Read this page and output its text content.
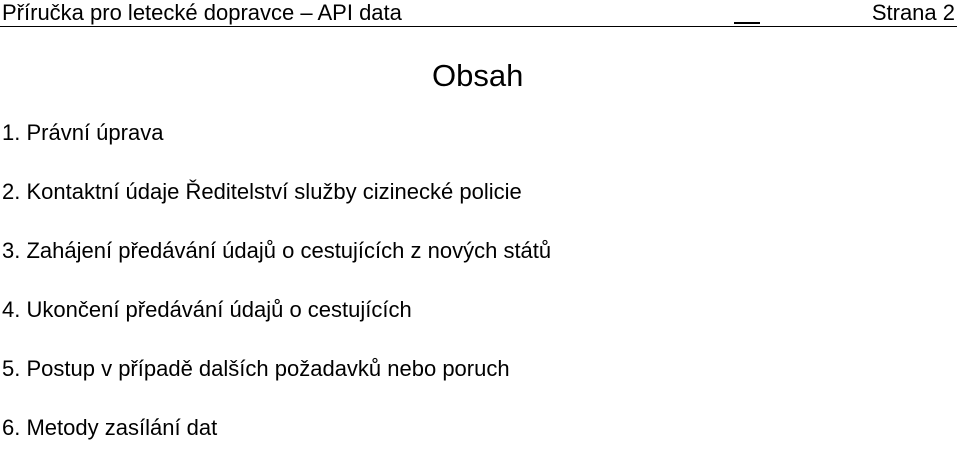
Příručka pro letecké dopravce – API data	Strana 2
Obsah
1. Právní úprava
2. Kontaktní údaje Ředitelství služby cizinecké policie
3. Zahájení předávání údajů o cestujících z nových států
4. Ukončení předávání údajů o cestujících
5. Postup v případě dalších požadavků nebo poruch
6. Metody zasílání dat
